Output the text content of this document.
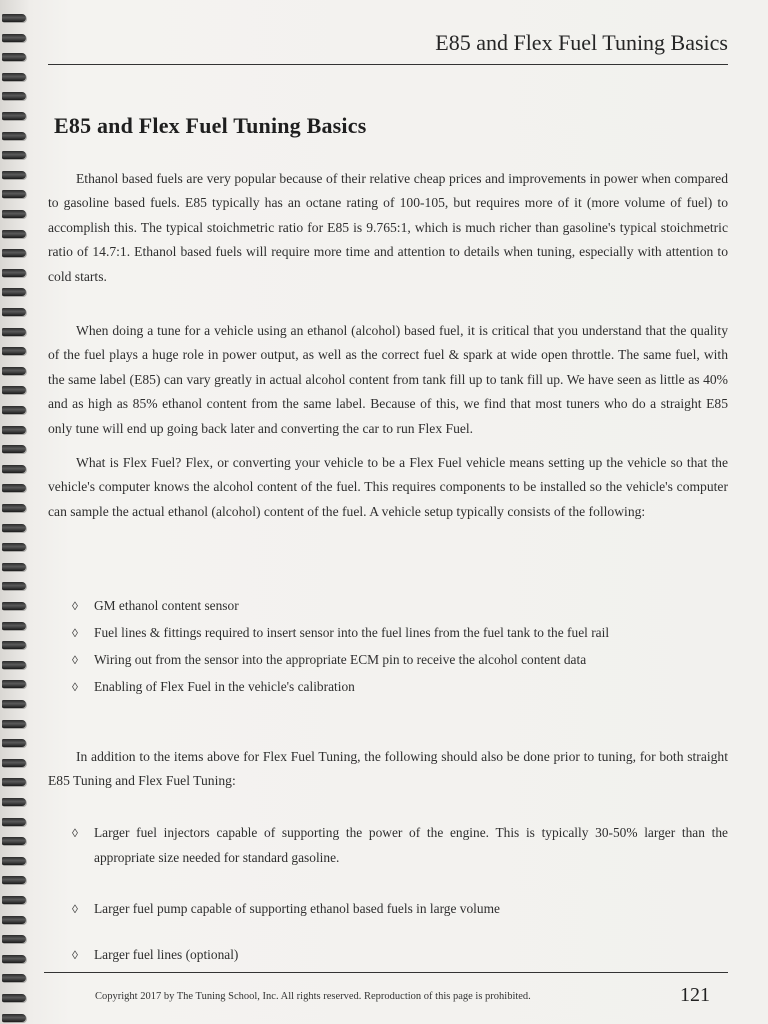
E85 and Flex Fuel Tuning Basics
E85 and Flex Fuel Tuning Basics

Ethanol based fuels are very popular because of their relative cheap prices and improvements in power when compared to gasoline based fuels. E85 typically has an octane rating of 100-105, but requires more of it (more volume of fuel) to accomplish this. The typical stoichmetric ratio for E85 is 9.765:1, which is much richer than gasoline's typical stoichmetric ratio of 14.7:1. Ethanol based fuels will require more time and attention to details when tuning, especially with attention to cold starts.

When doing a tune for a vehicle using an ethanol (alcohol) based fuel, it is critical that you understand that the quality of the fuel plays a huge role in power output, as well as the correct fuel & spark at wide open throttle. The same fuel, with the same label (E85) can vary greatly in actual alcohol content from tank fill up to tank fill up. We have seen as little as 40% and as high as 85% ethanol content from the same label. Because of this, we find that most tuners who do a straight E85 only tune will end up going back later and converting the car to run Flex Fuel.

What is Flex Fuel? Flex, or converting your vehicle to be a Flex Fuel vehicle means setting up the vehicle so that the vehicle's computer knows the alcohol content of the fuel. This requires components to be installed so the vehicle's computer can sample the actual ethanol (alcohol) content of the fuel. A vehicle setup typically consists of the following:

◊	GM ethanol content sensor
◊	Fuel lines & fittings required to insert sensor into the fuel lines from the fuel tank to the fuel rail
◊	Wiring out from the sensor into the appropriate ECM pin to receive the alcohol content data
◊	Enabling of Flex Fuel in the vehicle's calibration

In addition to the items above for Flex Fuel Tuning, the following should also be done prior to tuning, for both straight E85 Tuning and Flex Fuel Tuning:

◊	Larger fuel injectors capable of supporting the power of the engine. This is typically 30-50% larger than the appropriate size needed for standard gasoline.
◊	Larger fuel pump capable of supporting ethanol based fuels in large volume
◊	Larger fuel lines (optional)
Copyright 2017 by The Tuning School, Inc. All rights reserved. Reproduction of this page is prohibited.	121
